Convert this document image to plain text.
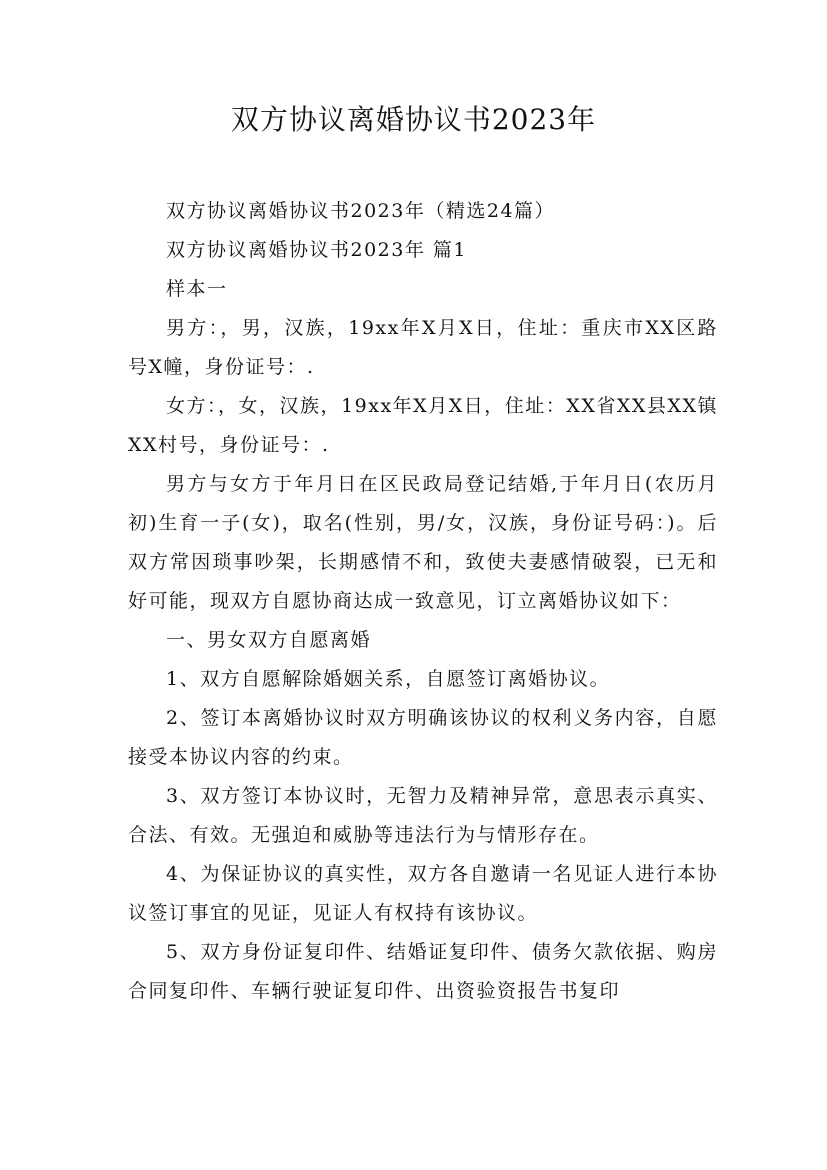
双方协议离婚协议书2023年

双方协议离婚协议书2023年（精选24篇）

双方协议离婚协议书2023年 篇1

样本一

男方：，男，汉族，19xx年X月X日，住址：重庆市XX区路号X幢，身份证号：.

女方：，女，汉族，19xx年X月X日，住址：XX省XX县XX镇XX村号，身份证号：.

男方与女方于年月日在区民政局登记结婚,于年月日(农历月初)生育一子(女)，取名(性别，男/女，汉族，身份证号码：)。后双方常因琐事吵架，长期感情不和，致使夫妻感情破裂，已无和好可能，现双方自愿协商达成一致意见，订立离婚协议如下：

一、男女双方自愿离婚

1、双方自愿解除婚姻关系，自愿签订离婚协议。

2、签订本离婚协议时双方明确该协议的权利义务内容，自愿接受本协议内容的约束。

3、双方签订本协议时，无智力及精神异常，意思表示真实、合法、有效。无强迫和威胁等违法行为与情形存在。

4、为保证协议的真实性，双方各自邀请一名见证人进行本协议签订事宜的见证，见证人有权持有该协议。

5、双方身份证复印件、结婚证复印件、债务欠款依据、购房合同复印件、车辆行驶证复印件、出资验资报告书复印
